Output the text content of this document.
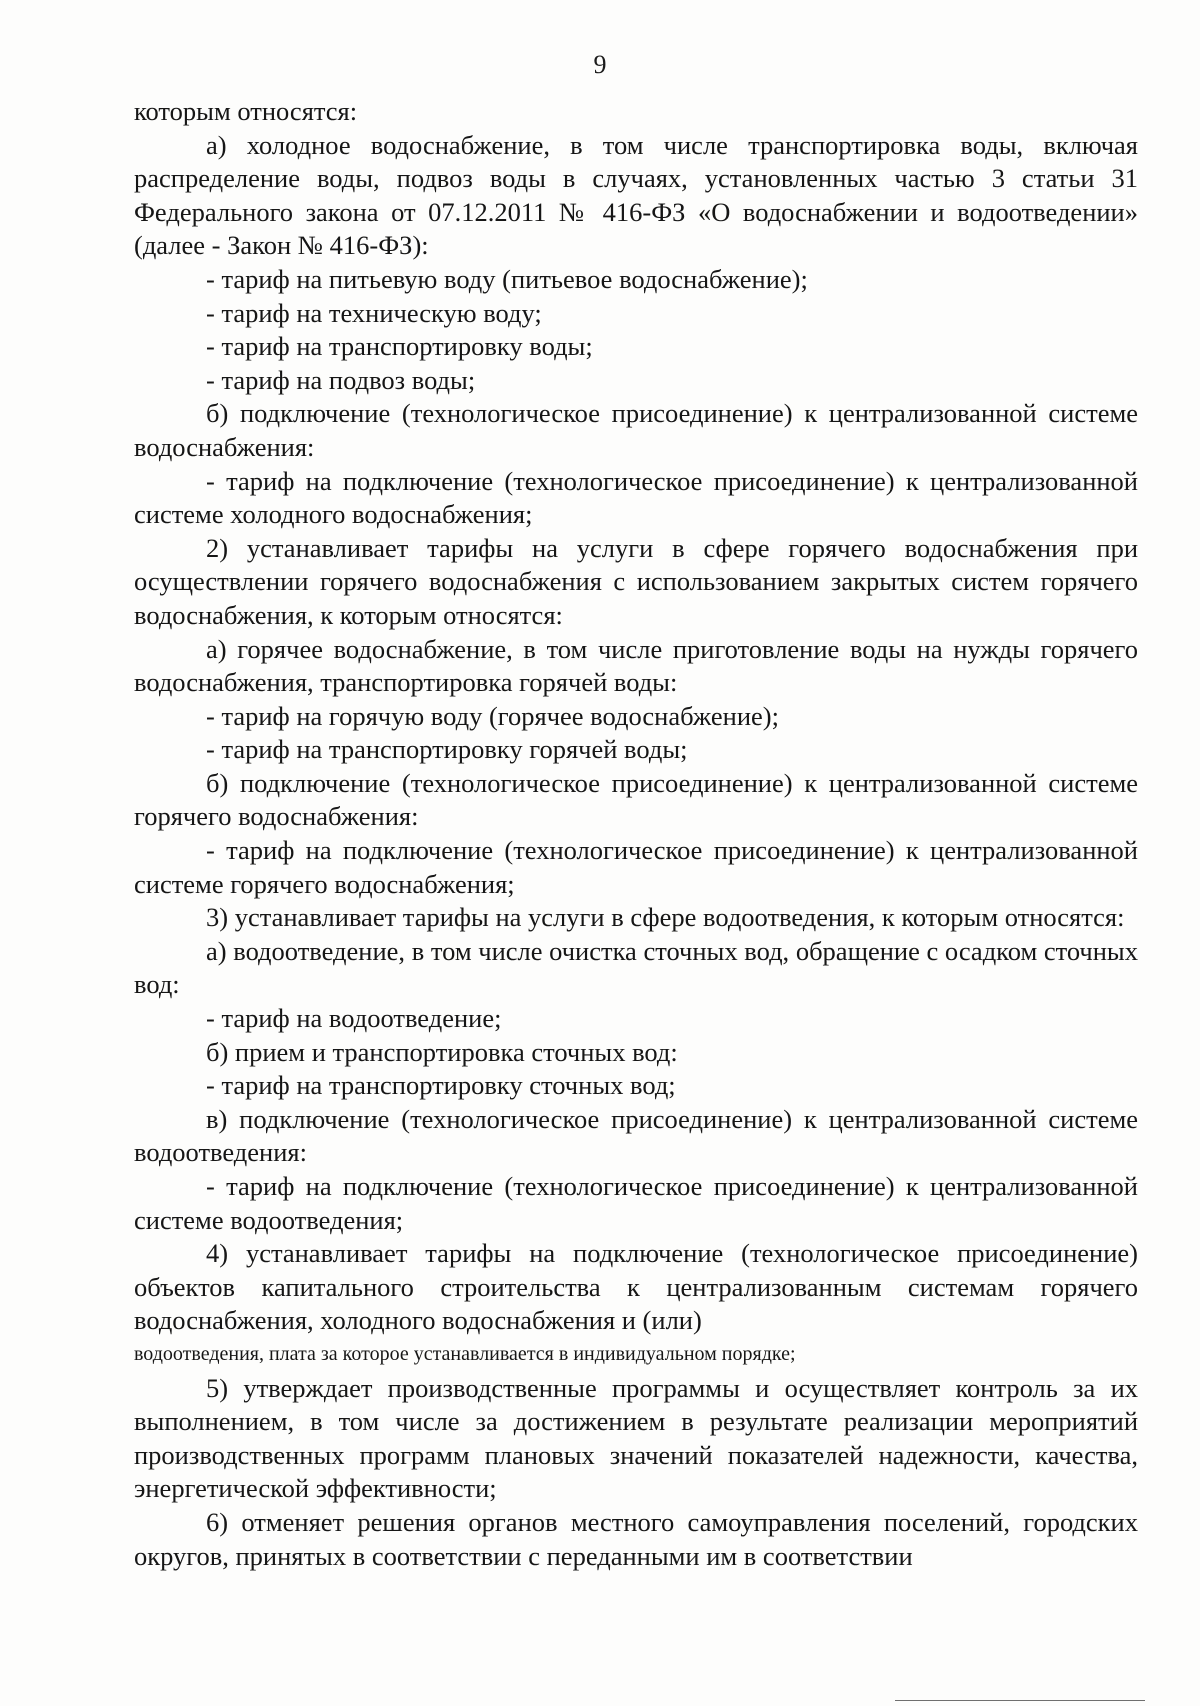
9

которым относятся:

а) холодное водоснабжение, в том числе транспортировка воды, включая распределение воды, подвоз воды в случаях, установленных частью 3 статьи 31 Федерального закона от 07.12.2011 № 416-ФЗ «О водоснабжении и водоотведении» (далее - Закон № 416-ФЗ):

- тариф на питьевую воду (питьевое водоснабжение);

- тариф на техническую воду;

- тариф на транспортировку воды;

- тариф на подвоз воды;

б) подключение (технологическое присоединение) к централизованной системе водоснабжения:

- тариф на подключение (технологическое присоединение) к централизованной системе холодного водоснабжения;

2) устанавливает тарифы на услуги в сфере горячего водоснабжения при осуществлении горячего водоснабжения с использованием закрытых систем горячего водоснабжения, к которым относятся:

а) горячее водоснабжение, в том числе приготовление воды на нужды горячего водоснабжения, транспортировка горячей воды:

- тариф на горячую воду (горячее водоснабжение);

- тариф на транспортировку горячей воды;

б) подключение (технологическое присоединение) к централизованной системе горячего водоснабжения:

- тариф на подключение (технологическое присоединение) к централизованной системе горячего водоснабжения;

3) устанавливает тарифы на услуги в сфере водоотведения, к которым относятся:

а) водоотведение, в том числе очистка сточных вод, обращение с осадком сточных вод:

- тариф на водоотведение;

б) прием и транспортировка сточных вод:

- тариф на транспортировку сточных вод;

в) подключение (технологическое присоединение) к централизованной системе водоотведения:

- тариф на подключение (технологическое присоединение) к централизованной системе водоотведения;

4) устанавливает тарифы на подключение (технологическое присоединение) объектов капитального строительства к централизованным системам горячего водоснабжения, холодного водоснабжения и (или)

водоотведения, плата за которое устанавливается в индивидуальном порядке;

5) утверждает производственные программы и осуществляет контроль за их выполнением, в том числе за достижением в результате реализации мероприятий производственных программ плановых значений показателей надежности, качества, энергетической эффективности;

6) отменяет решения органов местного самоуправления поселений, городских округов, принятых в соответствии с переданными им в соответствии
